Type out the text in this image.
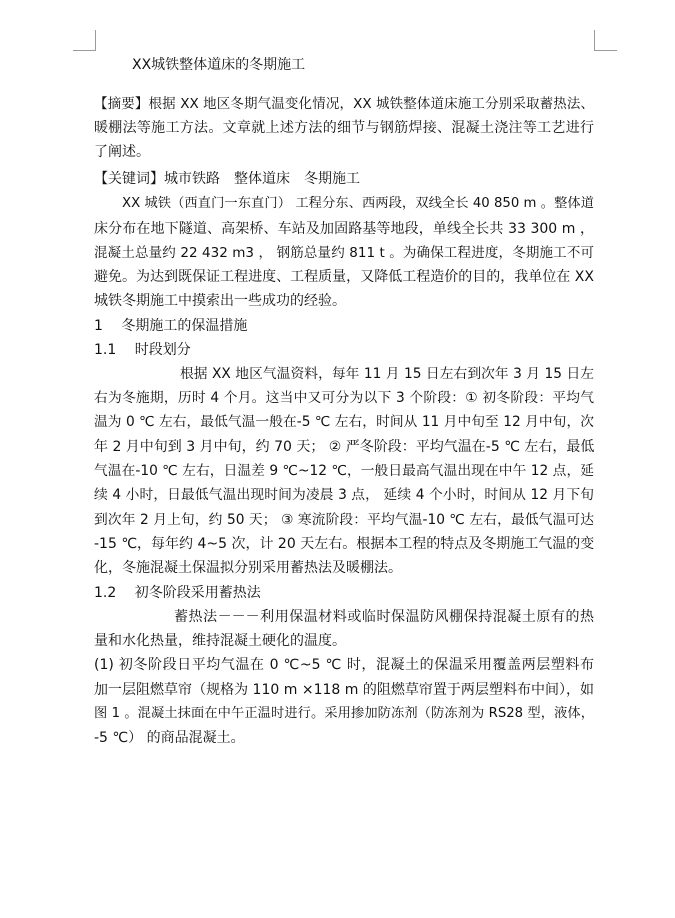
XX城铁整体道床的冬期施工
【摘要】根据 XX 地区冬期气温变化情况，XX 城铁整体道床施工分别采取蓄热法、
暖棚法等施工方法。文章就上述方法的细节与钢筋焊接、混凝土浇注等工艺进行
了阐述。
【关键词】城市铁路　整体道床　冬期施工
XX 城铁（西直门一东直门） 工程分东、西两段，双线全长 40 850 m 。整体道
床分布在地下隧道、高架桥、车站及加固路基等地段，单线全长共 33 300 m ，
混凝土总量约 22 432 m3 ， 钢筋总量约 811 t 。为确保工程进度，冬期施工不可
避免。为达到既保证工程进度、工程质量，又降低工程造价的目的，我单位在 XX
城铁冬期施工中摸索出一些成功的经验。
1　 冬期施工的保温措施
1.1　 时段划分
根据 XX 地区气温资料，每年 11 月 15 日左右到次年 3 月 15 日左
右为冬施期，历时 4 个月。这当中又可分为以下 3 个阶段：① 初冬阶段：平均气
温为 0 ℃ 左右，最低气温一般在-5 ℃ 左右，时间从 11 月中旬至 12 月中旬，次
年 2 月中旬到 3 月中旬，约 70 天； ② 严冬阶段：平均气温在-5 ℃ 左右，最低
气温在-10 ℃ 左右，日温差 9 ℃~12 ℃，一般日最高气温出现在中午 12 点，延
续 4 小时，日最低气温出现时间为凌晨 3 点， 延续 4 个小时，时间从 12 月下旬
到次年 2 月上旬，约 50 天； ③ 寒流阶段：平均气温-10 ℃ 左右，最低气温可达
-15 ℃，每年约 4~5 次，计 20 天左右。根据本工程的特点及冬期施工气温的变
化，冬施混凝土保温拟分别采用蓄热法及暖棚法。
1.2　 初冬阶段采用蓄热法
蓄热法－－－利用保温材料或临时保温防风棚保持混凝土原有的热
量和水化热量，维持混凝土硬化的温度。
(1) 初冬阶段日平均气温在 0 ℃~5 ℃ 时，混凝土的保温采用覆盖两层塑料布
加一层阻燃草帘（规格为 110 m ×118 m 的阻燃草帘置于两层塑料布中间），如
图 1 。混凝土抹面在中午正温时进行。采用掺加防冻剂（防冻剂为 RS28 型，液体，
-5 ℃） 的商品混凝土。
